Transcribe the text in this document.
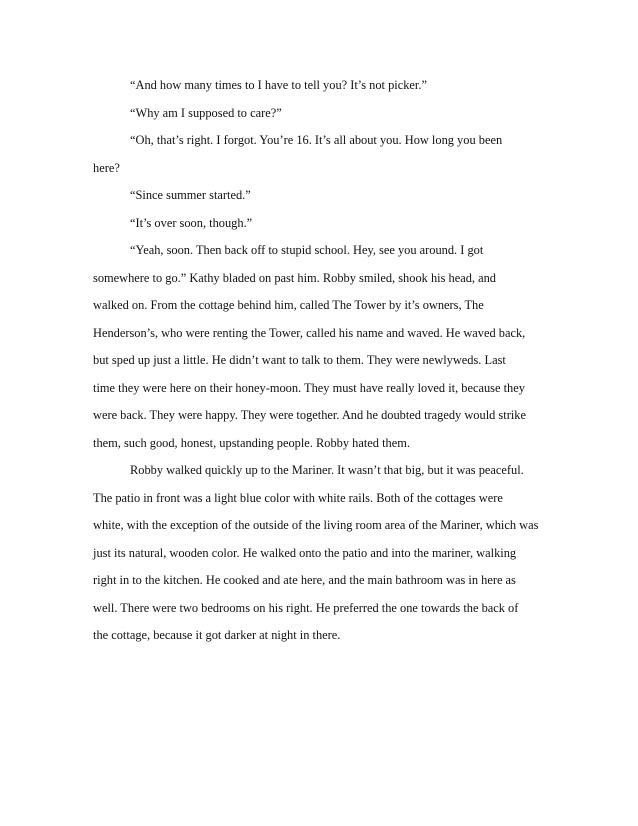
“And how many times to I have to tell you? It’s not picker.”
“Why am I supposed to care?”
“Oh, that’s right. I forgot. You’re 16. It’s all about you. How long you been
here?
“Since summer started.”
“It’s over soon, though.”
“Yeah, soon. Then back off to stupid school. Hey, see you around. I got
somewhere to go.” Kathy bladed on past him. Robby smiled, shook his head, and
walked on. From the cottage behind him, called The Tower by it’s owners, The
Henderson’s, who were renting the Tower, called his name and waved. He waved back,
but sped up just a little. He didn’t want to talk to them. They were newlyweds. Last
time they were here on their honey-moon. They must have really loved it, because they
were back. They were happy. They were together. And he doubted tragedy would strike
them, such good, honest, upstanding people. Robby hated them.
Robby walked quickly up to the Mariner. It wasn’t that big, but it was peaceful.
The patio in front was a light blue color with white rails. Both of the cottages were
white, with the exception of the outside of the living room area of the Mariner, which was
just its natural, wooden color. He walked onto the patio and into the mariner, walking
right in to the kitchen. He cooked and ate here, and the main bathroom was in here as
well. There were two bedrooms on his right. He preferred the one towards the back of
the cottage, because it got darker at night in there.
